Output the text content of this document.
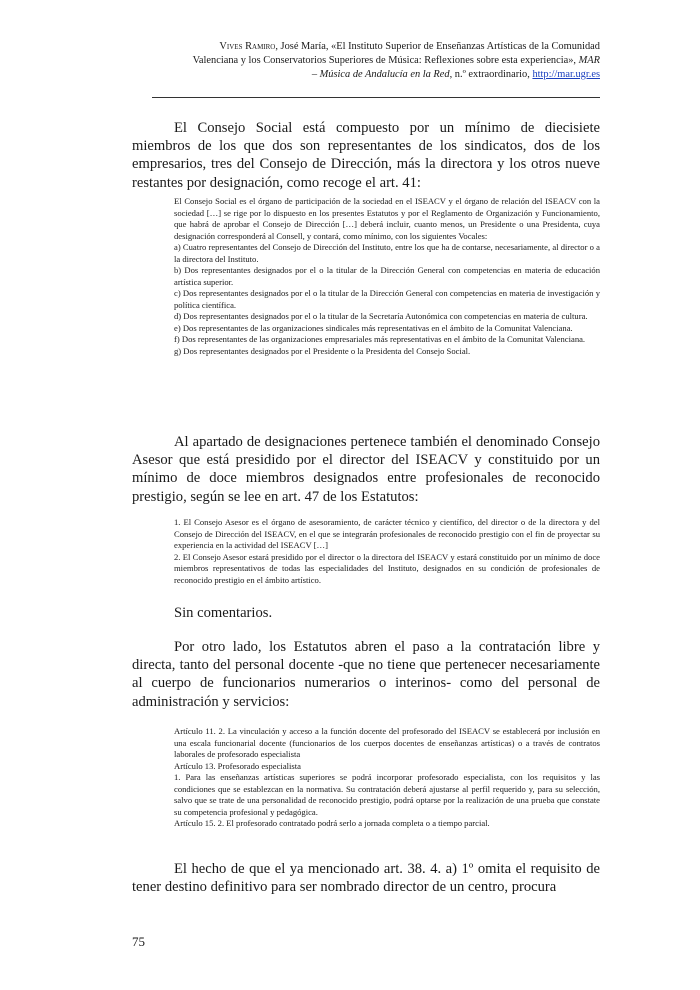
Vives Ramiro, José María, «El Instituto Superior de Enseñanzas Artísticas de la Comunidad
Valenciana y los Conservatorios Superiores de Música: Reflexiones sobre esta experiencia», MAR
– Música de Andalucía en la Red, n.º extraordinario, http://mar.ugr.es

El Consejo Social está compuesto por un mínimo de diecisiete miembros de los que dos son representantes de los sindicatos, dos de los empresarios, tres del Consejo de Dirección, más la directora y los otros nueve restantes por designación, como recoge el art. 41:

El Consejo Social es el órgano de participación de la sociedad en el ISEACV y el órgano de relación del ISEACV con la sociedad […] se rige por lo dispuesto en los presentes Estatutos y por el Reglamento de Organización y Funcionamiento, que habrá de aprobar el Consejo de Dirección […] deberá incluir, cuanto menos, un Presidente o una Presidenta, cuya designación corresponderá al Consell, y contará, como mínimo, con los siguientes Vocales:

a) Cuatro representantes del Consejo de Dirección del Instituto, entre los que ha de contarse, necesariamente, al director o a la directora del Instituto.

b) Dos representantes designados por el o la titular de la Dirección General con competencias en materia de educación artística superior.

c) Dos representantes designados por el o la titular de la Dirección General con competencias en materia de investigación y política científica.

d) Dos representantes designados por el o la titular de la Secretaría Autonómica con competencias en materia de cultura.

e) Dos representantes de las organizaciones sindicales más representativas en el ámbito de la Comunitat Valenciana.

f) Dos representantes de las organizaciones empresariales más representativas en el ámbito de la Comunitat Valenciana.

g) Dos representantes designados por el Presidente o la Presidenta del Consejo Social.

Al apartado de designaciones pertenece también el denominado Consejo Asesor que está presidido por el director del ISEACV y constituido por un mínimo de doce miembros designados entre profesionales de reconocido prestigio, según se lee en art. 47 de los Estatutos:

1. El Consejo Asesor es el órgano de asesoramiento, de carácter técnico y científico, del director o de la directora y del Consejo de Dirección del ISEACV, en el que se integrarán profesionales de reconocido prestigio con el fin de proyectar su experiencia en la actividad del ISEACV […]

2. El Consejo Asesor estará presidido por el director o la directora del ISEACV y estará constituido por un mínimo de doce miembros representativos de todas las especialidades del Instituto, designados en su condición de profesionales de reconocido prestigio en el ámbito artístico.

Sin comentarios.

Por otro lado, los Estatutos abren el paso a la contratación libre y directa, tanto del personal docente -que no tiene que pertenecer necesariamente al cuerpo de funcionarios numerarios o interinos- como del personal de administración y servicios:

Artículo 11. 2. La vinculación y acceso a la función docente del profesorado del ISEACV se establecerá por inclusión en una escala funcionarial docente (funcionarios de los cuerpos docentes de enseñanzas artísticas) o a través de contratos laborales de profesorado especialista

Artículo 13. Profesorado especialista

1. Para las enseñanzas artísticas superiores se podrá incorporar profesorado especialista, con los requisitos y las condiciones que se establezcan en la normativa. Su contratación deberá ajustarse al perfil requerido y, para su selección, salvo que se trate de una personalidad de reconocido prestigio, podrá optarse por la realización de una prueba que constate su competencia profesional y pedagógica.

Artículo 15. 2. El profesorado contratado podrá serlo a jornada completa o a tiempo parcial.

El hecho de que el ya mencionado art. 38. 4. a) 1º omita el requisito de tener destino definitivo para ser nombrado director de un centro, procura

75
